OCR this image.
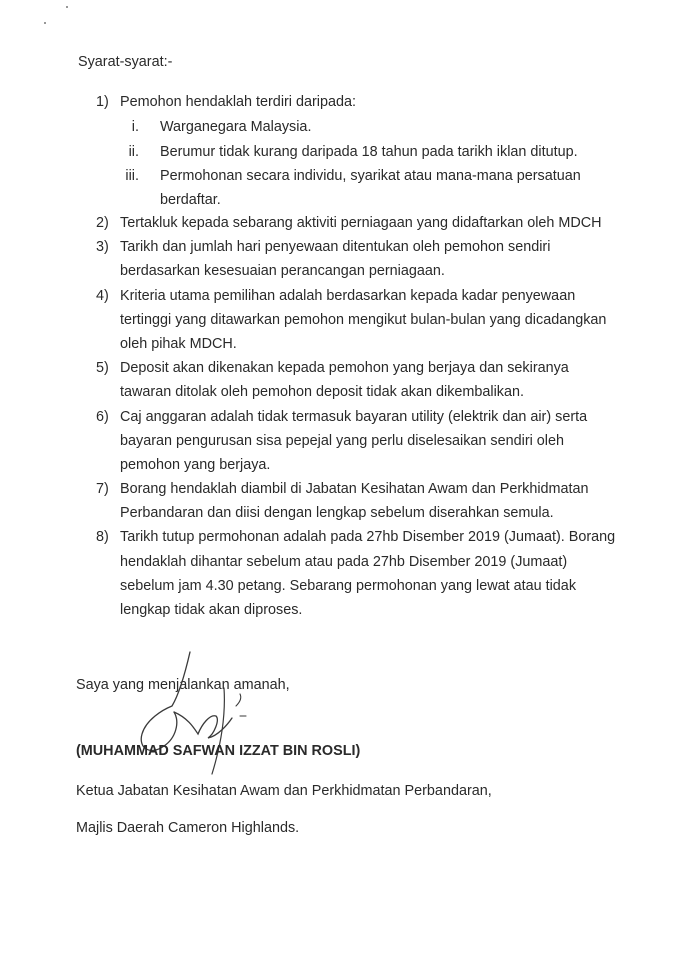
Syarat-syarat:-
1) Pemohon hendaklah terdiri daripada:
i. Warganegara Malaysia.
ii. Berumur tidak kurang daripada 18 tahun pada tarikh iklan ditutup.
iii. Permohonan secara individu, syarikat atau mana-mana persatuan
berdaftar.
2) Tertakluk kepada sebarang aktiviti perniagaan yang didaftarkan oleh MDCH
3) Tarikh dan jumlah hari penyewaan ditentukan oleh pemohon sendiri
berdasarkan kesesuaian perancangan perniagaan.
4) Kriteria utama pemilihan adalah berdasarkan kepada kadar penyewaan
tertinggi yang ditawarkan pemohon mengikut bulan-bulan yang dicadangkan
oleh pihak MDCH.
5) Deposit akan dikenakan kepada pemohon yang berjaya dan sekiranya
tawaran ditolak oleh pemohon deposit tidak akan dikembalikan.
6) Caj anggaran adalah tidak termasuk bayaran utility (elektrik dan air) serta
bayaran pengurusan sisa pepejal yang perlu diselesaikan sendiri oleh
pemohon yang berjaya.
7) Borang hendaklah diambil di Jabatan Kesihatan Awam dan Perkhidmatan
Perbandaran dan diisi dengan lengkap sebelum diserahkan semula.
8) Tarikh tutup permohonan adalah pada 27hb Disember 2019 (Jumaat). Borang
hendaklah dihantar sebelum atau pada 27hb Disember 2019 (Jumaat)
sebelum jam 4.30 petang. Sebarang permohonan yang lewat atau tidak
lengkap tidak akan diproses.
Saya yang menjalankan amanah,
(MUHAMMAD SAFWAN IZZAT BIN ROSLI)
Ketua Jabatan Kesihatan Awam dan Perkhidmatan Perbandaran,
Majlis Daerah Cameron Highlands.
